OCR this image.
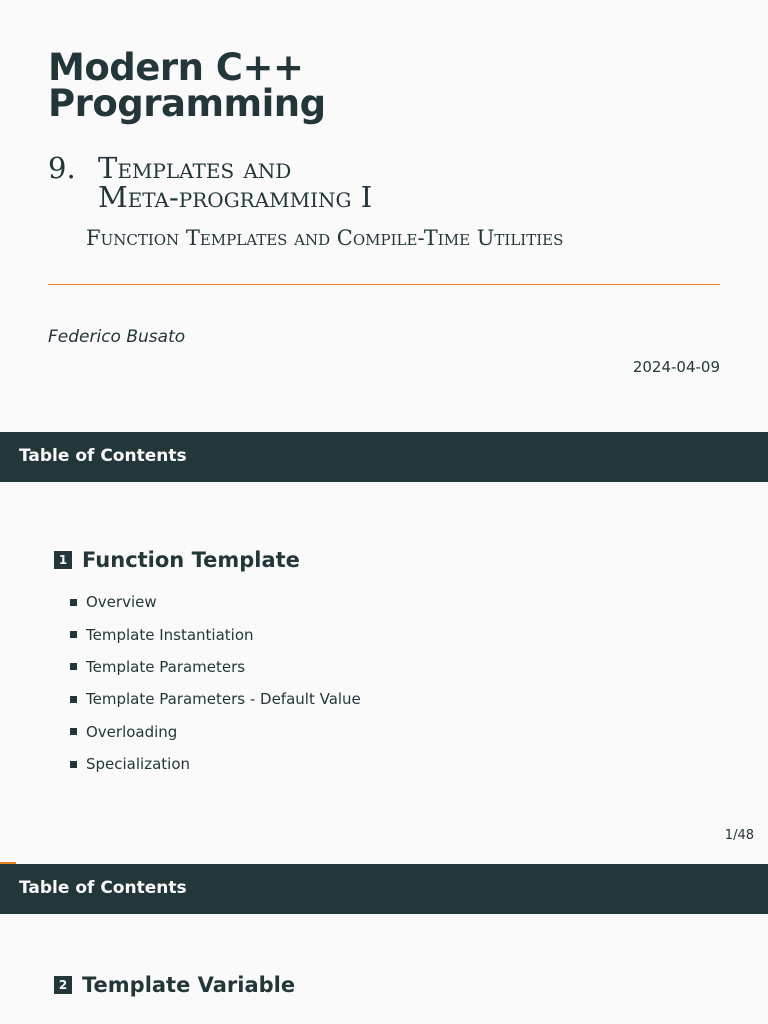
Modern C++
Programming
9. Templates and
Meta-programming I
Function Templates and Compile-Time Utilities
Federico Busato
2024-04-09
Table of Contents
1 Function Template
Overview
Template Instantiation
Template Parameters
Template Parameters - Default Value
Overloading
Specialization
1/48
Table of Contents
2 Template Variable
